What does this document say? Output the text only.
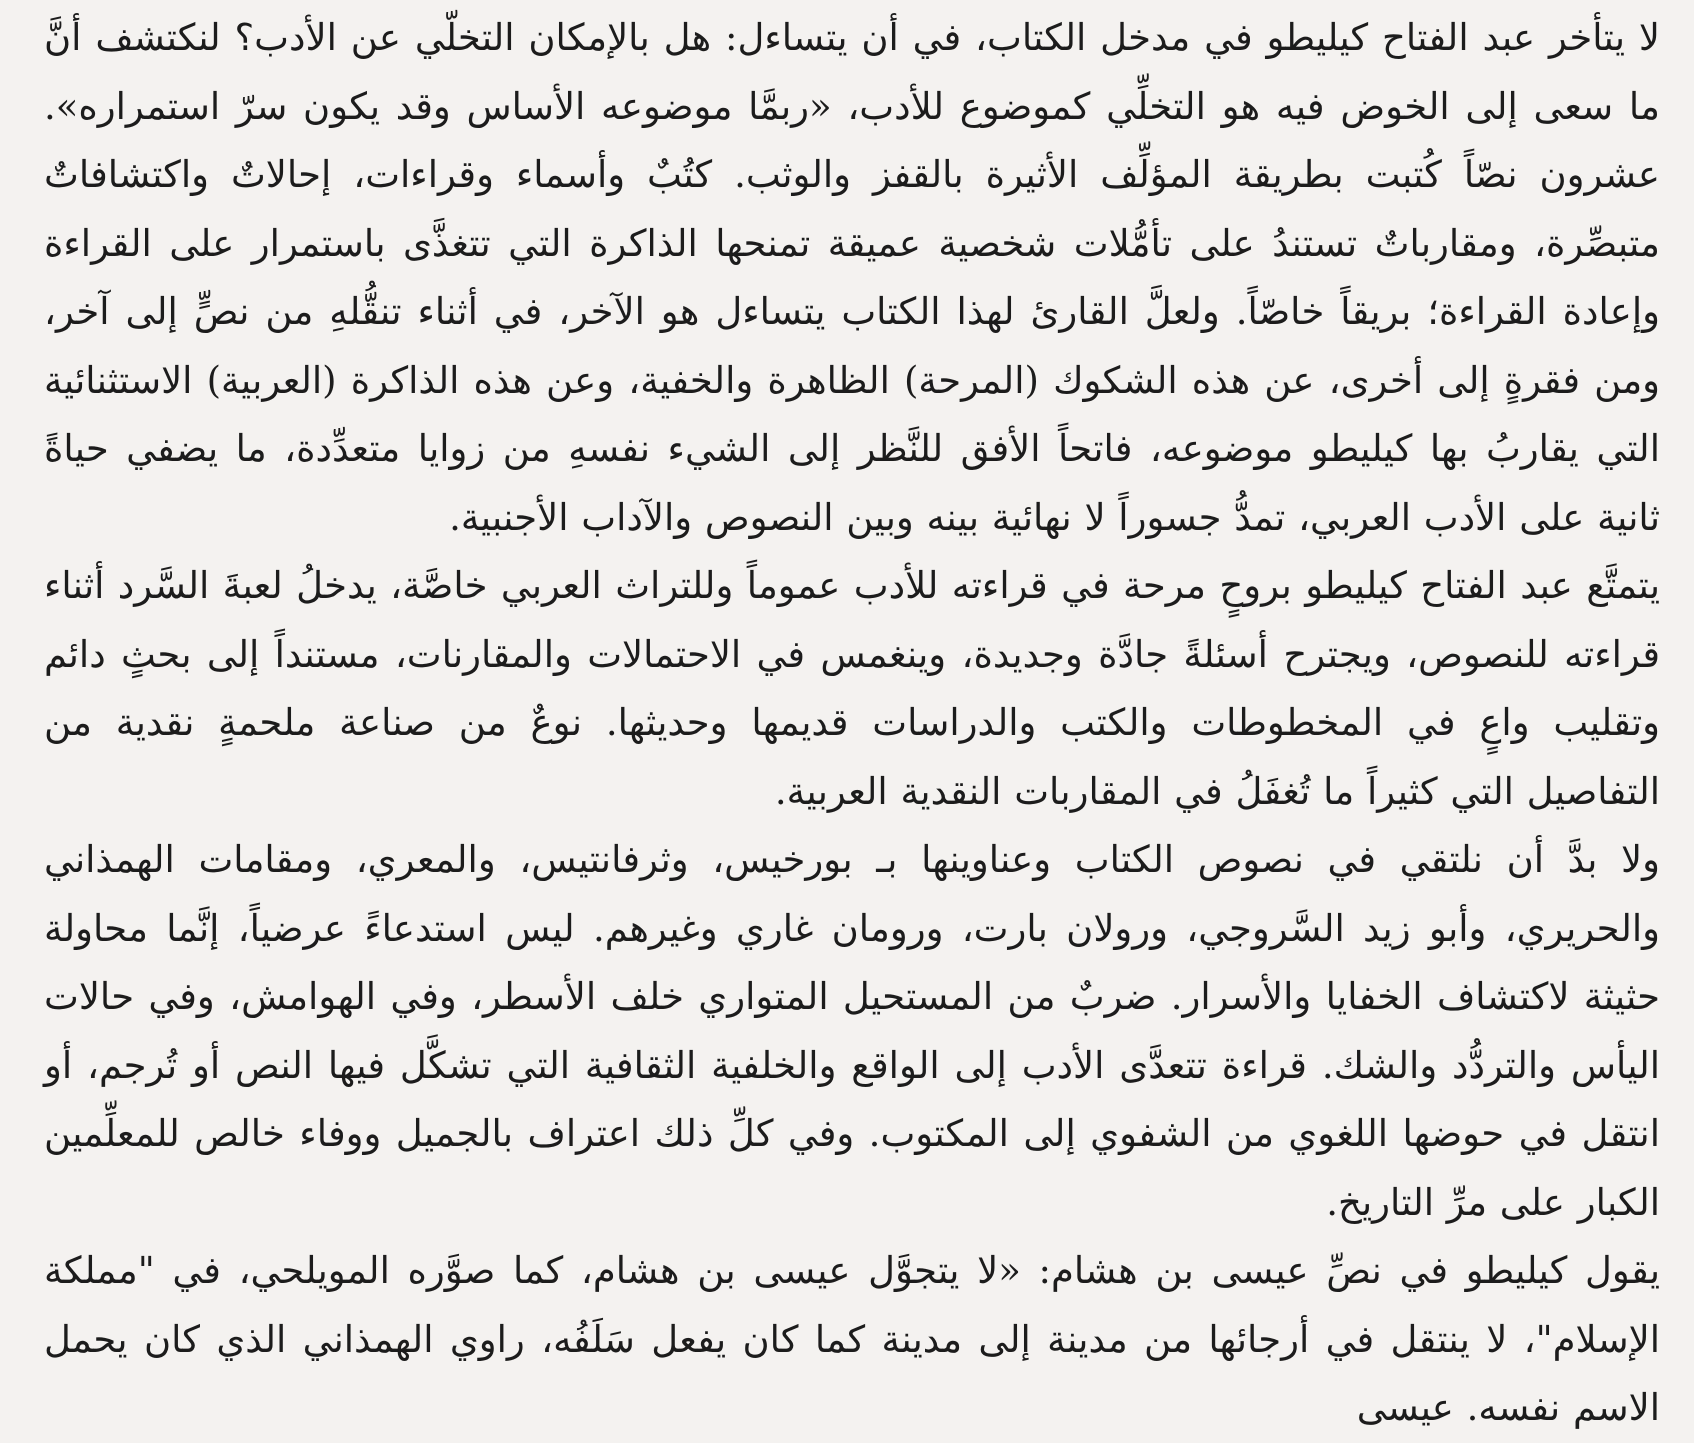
لا يتأخر عبد الفتاح كيليطو في مدخل الكتاب، في أن يتساءل: هل بالإمكان التخلّي عن الأدب؟ لنكتشف أنَّ ما سعى إلى الخوض فيه هو التخلِّي كموضوع للأدب، «ربمَّا موضوعه الأساس وقد يكون سرّ استمراره». عشرون نصّاً كُتبت بطريقة المؤلِّف الأثيرة بالقفز والوثب. كتُبٌ وأسماء وقراءات، إحالاتٌ واكتشافاتٌ متبصِّرة، ومقارباتٌ تستندُ على تأمُّلات شخصية عميقة تمنحها الذاكرة التي تتغذَّى باستمرار على القراءة وإعادة القراءة؛ بريقاً خاصّاً. ولعلَّ القارئ لهذا الكتاب يتساءل هو الآخر، في أثناء تنقُّلهِ من نصٍّ إلى آخر، ومن فقرةٍ إلى أخرى، عن هذه الشكوك (المرحة) الظاهرة والخفية، وعن هذه الذاكرة (العربية) الاستثنائية التي يقاربُ بها كيليطو موضوعه، فاتحاً الأفق للنَّظر إلى الشيء نفسهِ من زوايا متعدِّدة، ما يضفي حياةً ثانية على الأدب العربي، تمدُّ جسوراً لا نهائية بينه وبين النصوص والآداب الأجنبية.

يتمتَّع عبد الفتاح كيليطو بروحٍ مرحة في قراءته للأدب عموماً وللتراث العربي خاصَّة، يدخلُ لعبةَ السَّرد أثناء قراءته للنصوص، ويجترح أسئلةً جادَّة وجديدة، وينغمس في الاحتمالات والمقارنات، مستنداً إلى بحثٍ دائم وتقليب واعٍ في المخطوطات والكتب والدراسات قديمها وحديثها. نوعٌ من صناعة ملحمةٍ نقدية من التفاصيل التي كثيراً ما تُغفَلُ في المقاربات النقدية العربية.

ولا بدَّ أن نلتقي في نصوص الكتاب وعناوينها بـ بورخيس، وثرفانتيس، والمعري، ومقامات الهمذاني والحريري، وأبو زيد السَّروجي، ورولان بارت، ورومان غاري وغيرهم. ليس استدعاءً عرضياً، إنَّما محاولة حثيثة لاكتشاف الخفايا والأسرار. ضربٌ من المستحيل المتواري خلف الأسطر، وفي الهوامش، وفي حالات اليأس والتردُّد والشك. قراءة تتعدَّى الأدب إلى الواقع والخلفية الثقافية التي تشكَّل فيها النص أو تُرجم، أو انتقل في حوضها اللغوي من الشفوي إلى المكتوب. وفي كلِّ ذلك اعتراف بالجميل ووفاء خالص للمعلِّمين الكبار على مرِّ التاريخ.

يقول كيليطو في نصِّ عيسى بن هشام: «لا يتجوَّل عيسى بن هشام، كما صوَّره المويلحي، في "مملكة الإسلام"، لا ينتقل في أرجائها من مدينة إلى مدينة كما كان يفعل سَلَفُه، راوي الهمذاني الذي كان يحمل الاسم نفسه. عيسى
